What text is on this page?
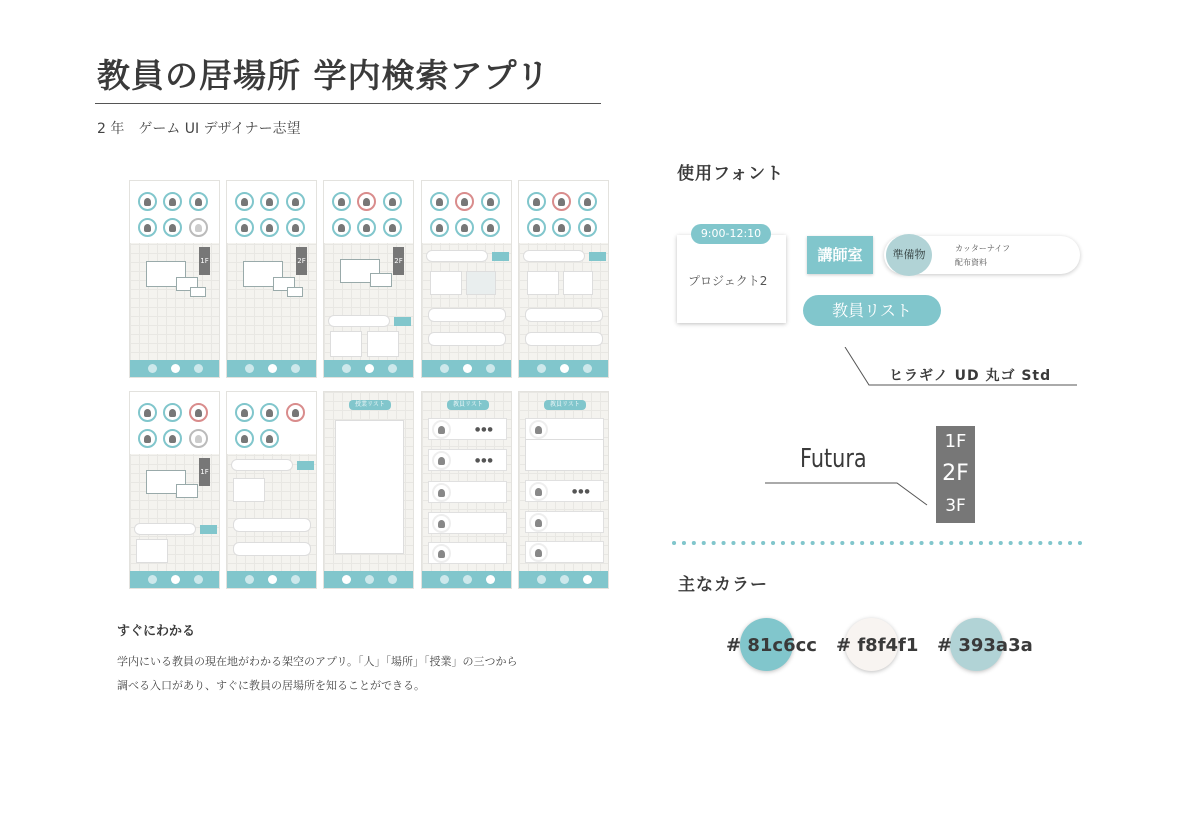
教員の居場所 学内検索アプリ
2 年　ゲーム UI デザイナー志望
1F	2F	2F
1F
授業リスト	教員リスト
●●●
●●●
教員リスト
●●●
すぐにわかる
学内にいる教員の現在地がわかる架空のアプリ。「人」「場所」「授業」の三つから
調べる入口があり、すぐに教員の居場所を知ることができる。
使用フォント
9:00-12:10
プロジェクト2
講師室	準備物	カッターナイフ
配布資料
教員リスト
ヒラギノ UD 丸ゴ Std
Futura
1F
2F
3F
主なカラー
# 81c6cc # f8f4f1 # 393a3a
